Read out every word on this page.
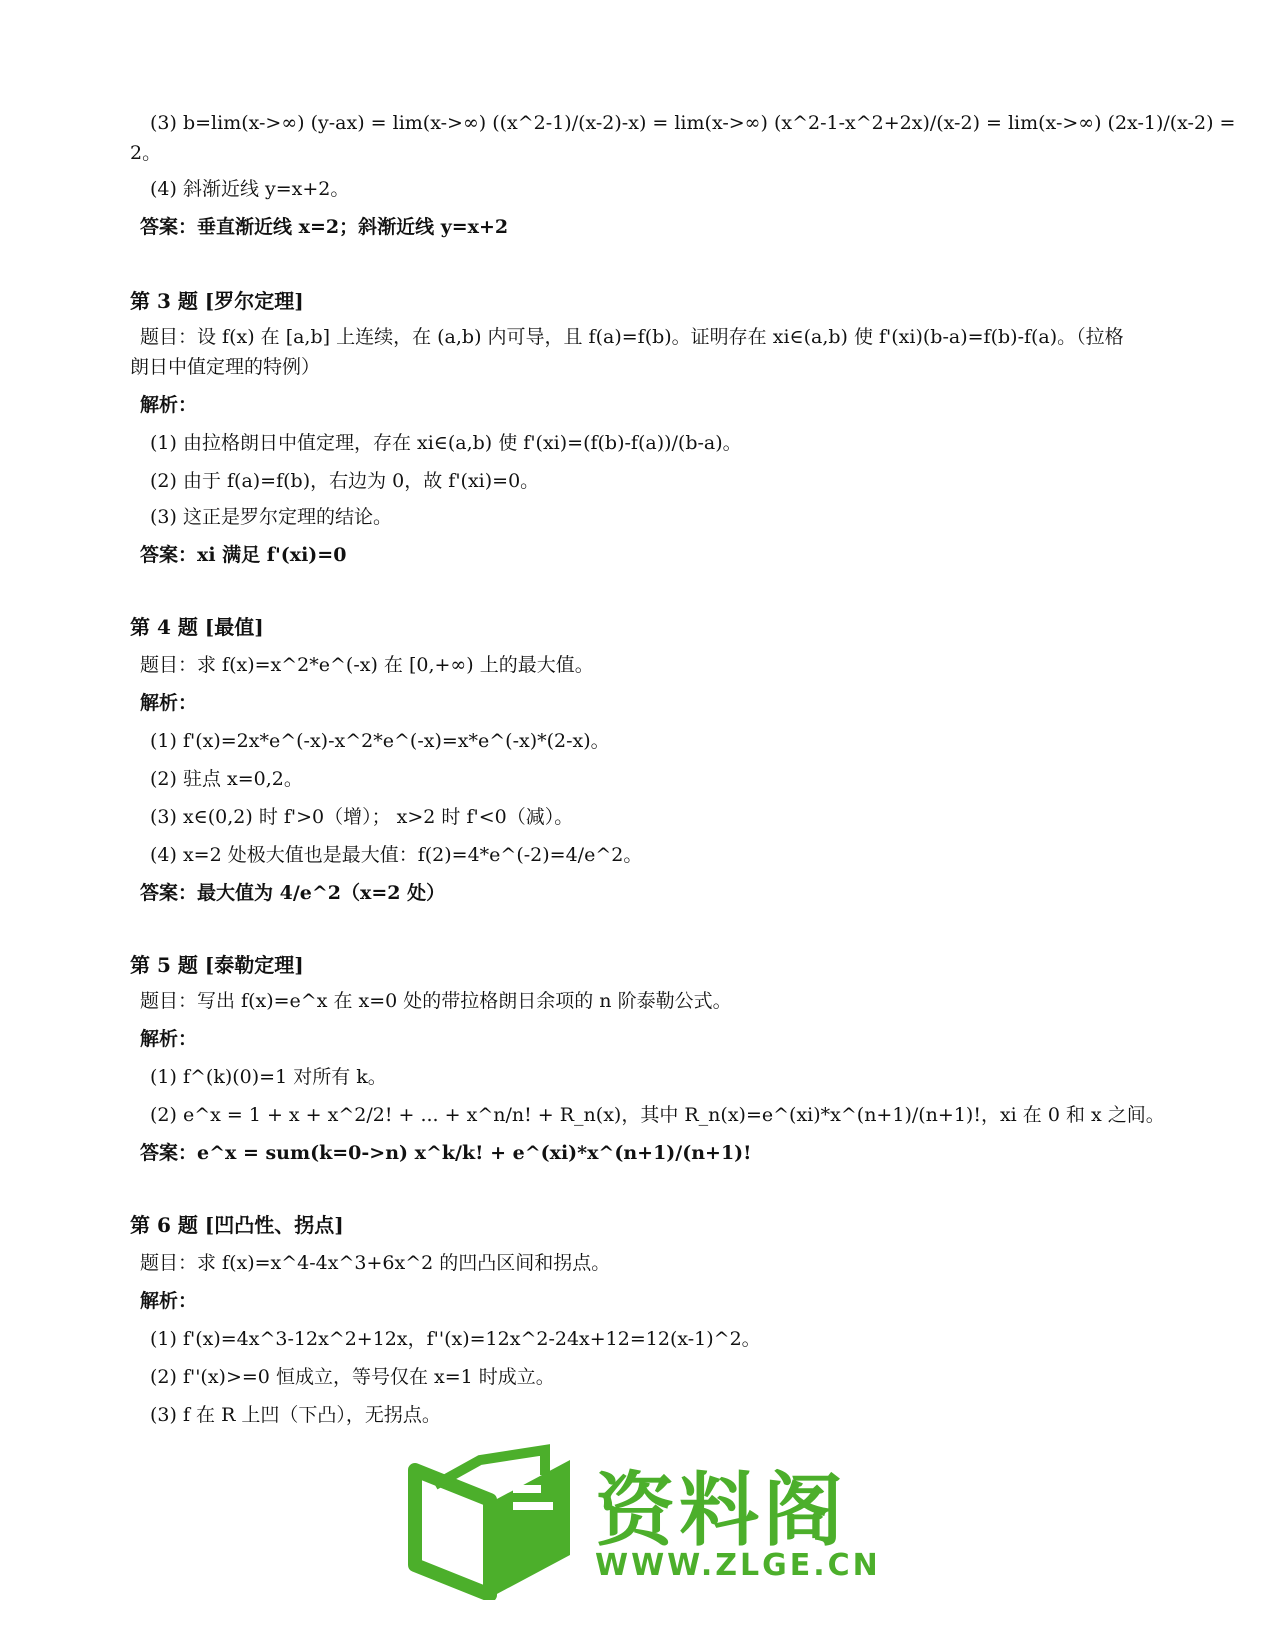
(3) b=lim(x->∞) (y-ax) = lim(x->∞) ((x^2-1)/(x-2)-x) = lim(x->∞) (x^2-1-x^2+2x)/(x-2) = lim(x->∞) (2x-1)/(x-2) =
2。
(4) 斜渐近线 y=x+2。
答案：垂直渐近线 x=2；斜渐近线 y=x+2
第 3 题 [罗尔定理]
题目：设 f(x) 在 [a,b] 上连续，在 (a,b) 内可导，且 f(a)=f(b)。证明存在 xi∈(a,b) 使 f'(xi)(b-a)=f(b)-f(a)。（拉格
朗日中值定理的特例）
解析：
(1) 由拉格朗日中值定理，存在 xi∈(a,b) 使 f'(xi)=(f(b)-f(a))/(b-a)。
(2) 由于 f(a)=f(b)，右边为 0，故 f'(xi)=0。
(3) 这正是罗尔定理的结论。
答案：xi 满足 f'(xi)=0
第 4 题 [最值]
题目：求 f(x)=x^2*e^(-x) 在 [0,+∞) 上的最大值。
解析：
(1) f'(x)=2x*e^(-x)-x^2*e^(-x)=x*e^(-x)*(2-x)。
(2) 驻点 x=0,2。
(3) x∈(0,2) 时 f'>0（增）； x>2 时 f'<0（减）。
(4) x=2 处极大值也是最大值：f(2)=4*e^(-2)=4/e^2。
答案：最大值为 4/e^2（x=2 处）
第 5 题 [泰勒定理]
题目：写出 f(x)=e^x 在 x=0 处的带拉格朗日余项的 n 阶泰勒公式。
解析：
(1) f^(k)(0)=1 对所有 k。
(2) e^x = 1 + x + x^2/2! + ... + x^n/n! + R_n(x)，其中 R_n(x)=e^(xi)*x^(n+1)/(n+1)!，xi 在 0 和 x 之间。
答案：e^x = sum(k=0->n) x^k/k! + e^(xi)*x^(n+1)/(n+1)!
第 6 题 [凹凸性、拐点]
题目：求 f(x)=x^4-4x^3+6x^2 的凹凸区间和拐点。
解析：
(1) f'(x)=4x^3-12x^2+12x，f''(x)=12x^2-24x+12=12(x-1)^2。
(2) f''(x)>=0 恒成立，等号仅在 x=1 时成立。
(3) f 在 R 上凹（下凸），无拐点。
资料阁
WWW.ZLGE.CN
